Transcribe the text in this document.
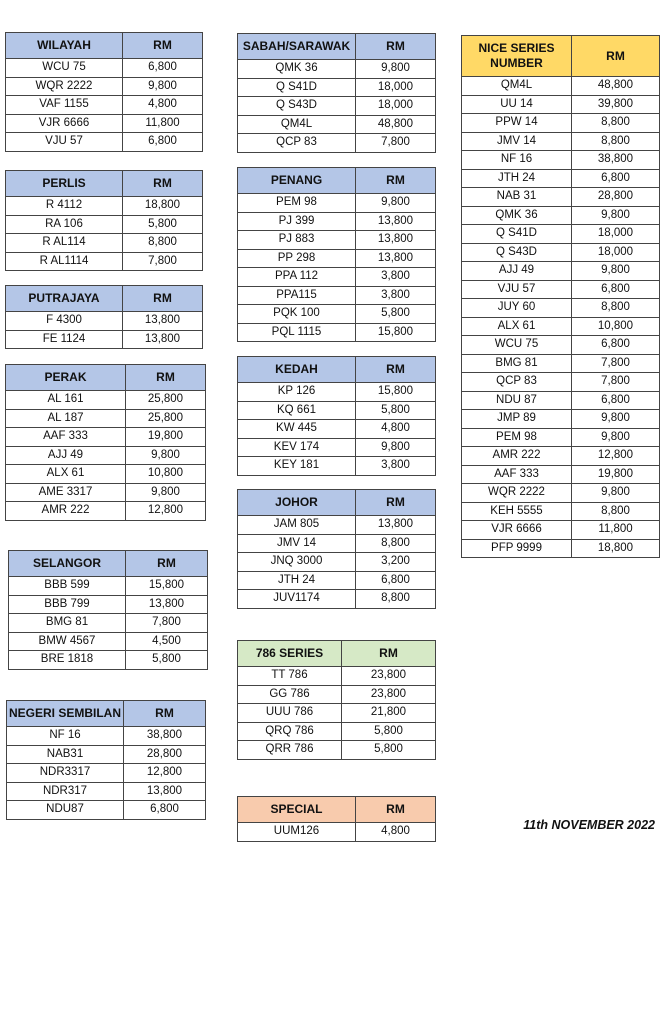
WILAYAH	RM
WCU 75	6,800
WQR 2222	9,800
VAF 1155	4,800
VJR 6666	11,800
VJU 57	6,800
PERLIS	RM
R 4112	18,800
RA 106	5,800
R AL114	8,800
R AL1114	7,800
PUTRAJAYA	RM
F 4300	13,800
FE 1124	13,800
PERAK	RM
AL 161	25,800
AL 187	25,800
AAF 333	19,800
AJJ 49	9,800
ALX 61	10,800
AME 3317	9,800
AMR 222	12,800
SELANGOR	RM
BBB 599	15,800
BBB 799	13,800
BMG 81	7,800
BMW 4567	4,500
BRE 1818	5,800
NEGERI SEMBILAN	RM
NF 16	38,800
NAB31	28,800
NDR3317	12,800
NDR317	13,800
NDU87	6,800
SABAH/SARAWAK	RM
QMK 36	9,800
Q S41D	18,000
Q S43D	18,000
QM4L	48,800
QCP 83	7,800
PENANG	RM
PEM 98	9,800
PJ 399	13,800
PJ 883	13,800
PP 298	13,800
PPA 112	3,800
PPA115	3,800
PQK 100	5,800
PQL 1115	15,800
KEDAH	RM
KP 126	15,800
KQ 661	5,800
KW 445	4,800
KEV 174	9,800
KEY 181	3,800
JOHOR	RM
JAM 805	13,800
JMV 14	8,800
JNQ 3000	3,200
JTH 24	6,800
JUV1174	8,800
786 SERIES	RM
TT 786	23,800
GG 786	23,800
UUU 786	21,800
QRQ 786	5,800
QRR 786	5,800
SPECIAL	RM
UUM126	4,800
NICE SERIES NUMBER	RM
QM4L	48,800
UU 14	39,800
PPW 14	8,800
JMV 14	8,800
NF 16	38,800
JTH 24	6,800
NAB 31	28,800
QMK 36	9,800
Q S41D	18,000
Q S43D	18,000
AJJ 49	9,800
VJU 57	6,800
JUY 60	8,800
ALX 61	10,800
WCU 75	6,800
BMG 81	7,800
QCP 83	7,800
NDU 87	6,800
JMP 89	9,800
PEM 98	9,800
AMR 222	12,800
AAF 333	19,800
WQR 2222	9,800
KEH 5555	8,800
VJR 6666	11,800
PFP 9999	18,800
11th NOVEMBER 2022
